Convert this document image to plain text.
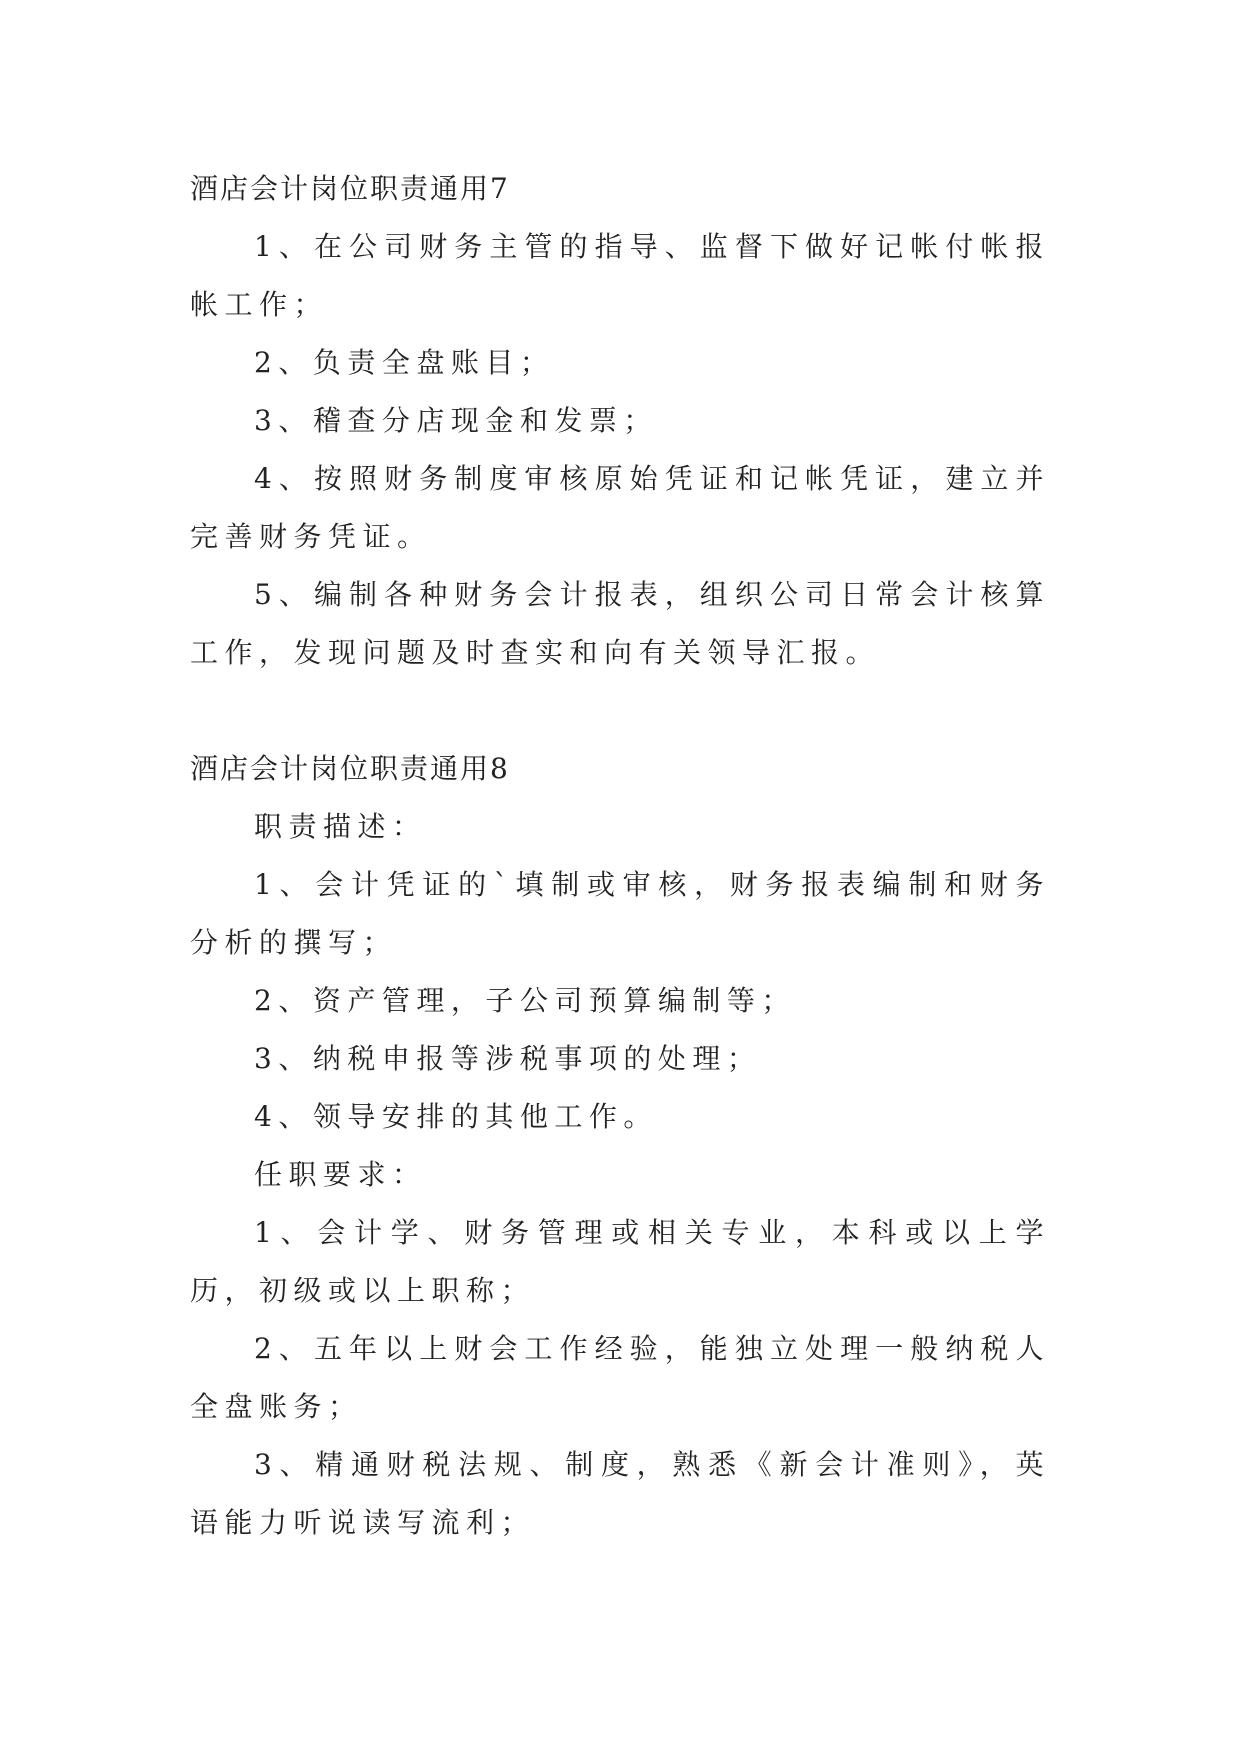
酒店会计岗位职责通用7

1、在公司财务主管的指导、监督下做好记帐付帐报帐工作；

2、负责全盘账目；

3、稽查分店现金和发票；

4、按照财务制度审核原始凭证和记帐凭证，建立并完善财务凭证。

5、编制各种财务会计报表，组织公司日常会计核算工作，发现问题及时查实和向有关领导汇报。

酒店会计岗位职责通用8

职责描述：

1、会计凭证的`填制或审核，财务报表编制和财务分析的撰写；

2、资产管理，子公司预算编制等；

3、纳税申报等涉税事项的处理；

4、领导安排的其他工作。

任职要求：

1、会计学、财务管理或相关专业，本科或以上学历，初级或以上职称；

2、五年以上财会工作经验，能独立处理一般纳税人全盘账务；

3、精通财税法规、制度，熟悉《新会计准则》，英语能力听说读写流利；
